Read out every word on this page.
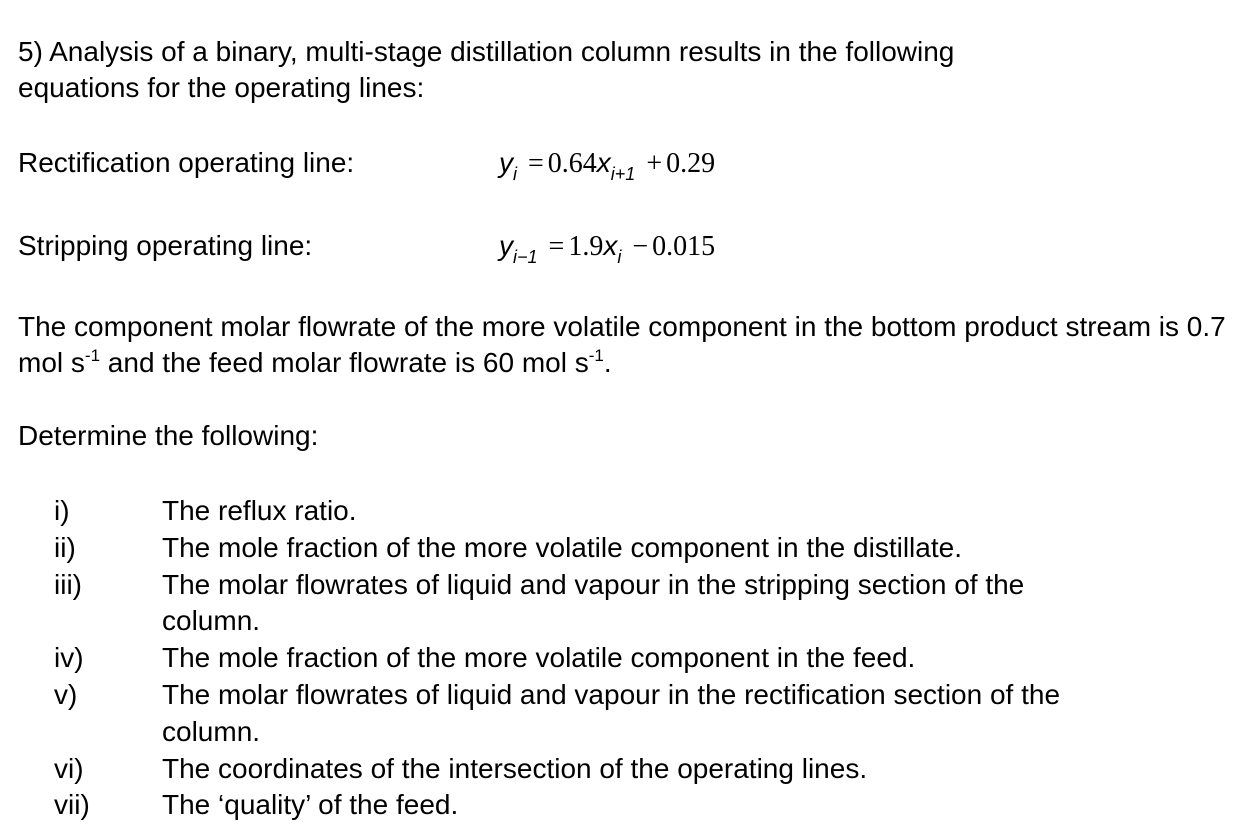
5) Analysis of a binary, multi-stage distillation column results in the following
equations for the operating lines:
Rectification operating line:	$y_i = 0.64x_{i+1} + 0.29$
Stripping operating line:	$y_{i-1} = 1.9x_i - 0.015$
The component molar flowrate of the more volatile component in the bottom product stream is 0.7 mol $s^{-1}$ and the feed molar flowrate is 60 mol $s^{-1}$.
Determine the following:
i)	The reflux ratio.
ii)	The mole fraction of the more volatile component in the distillate.
iii)	The molar flowrates of liquid and vapour in the stripping section of the
column.
iv)	The mole fraction of the more volatile component in the feed.
v)	The molar flowrates of liquid and vapour in the rectification section of the
column.
vi)	The coordinates of the intersection of the operating lines.
vii)	The ‘quality’ of the feed.
